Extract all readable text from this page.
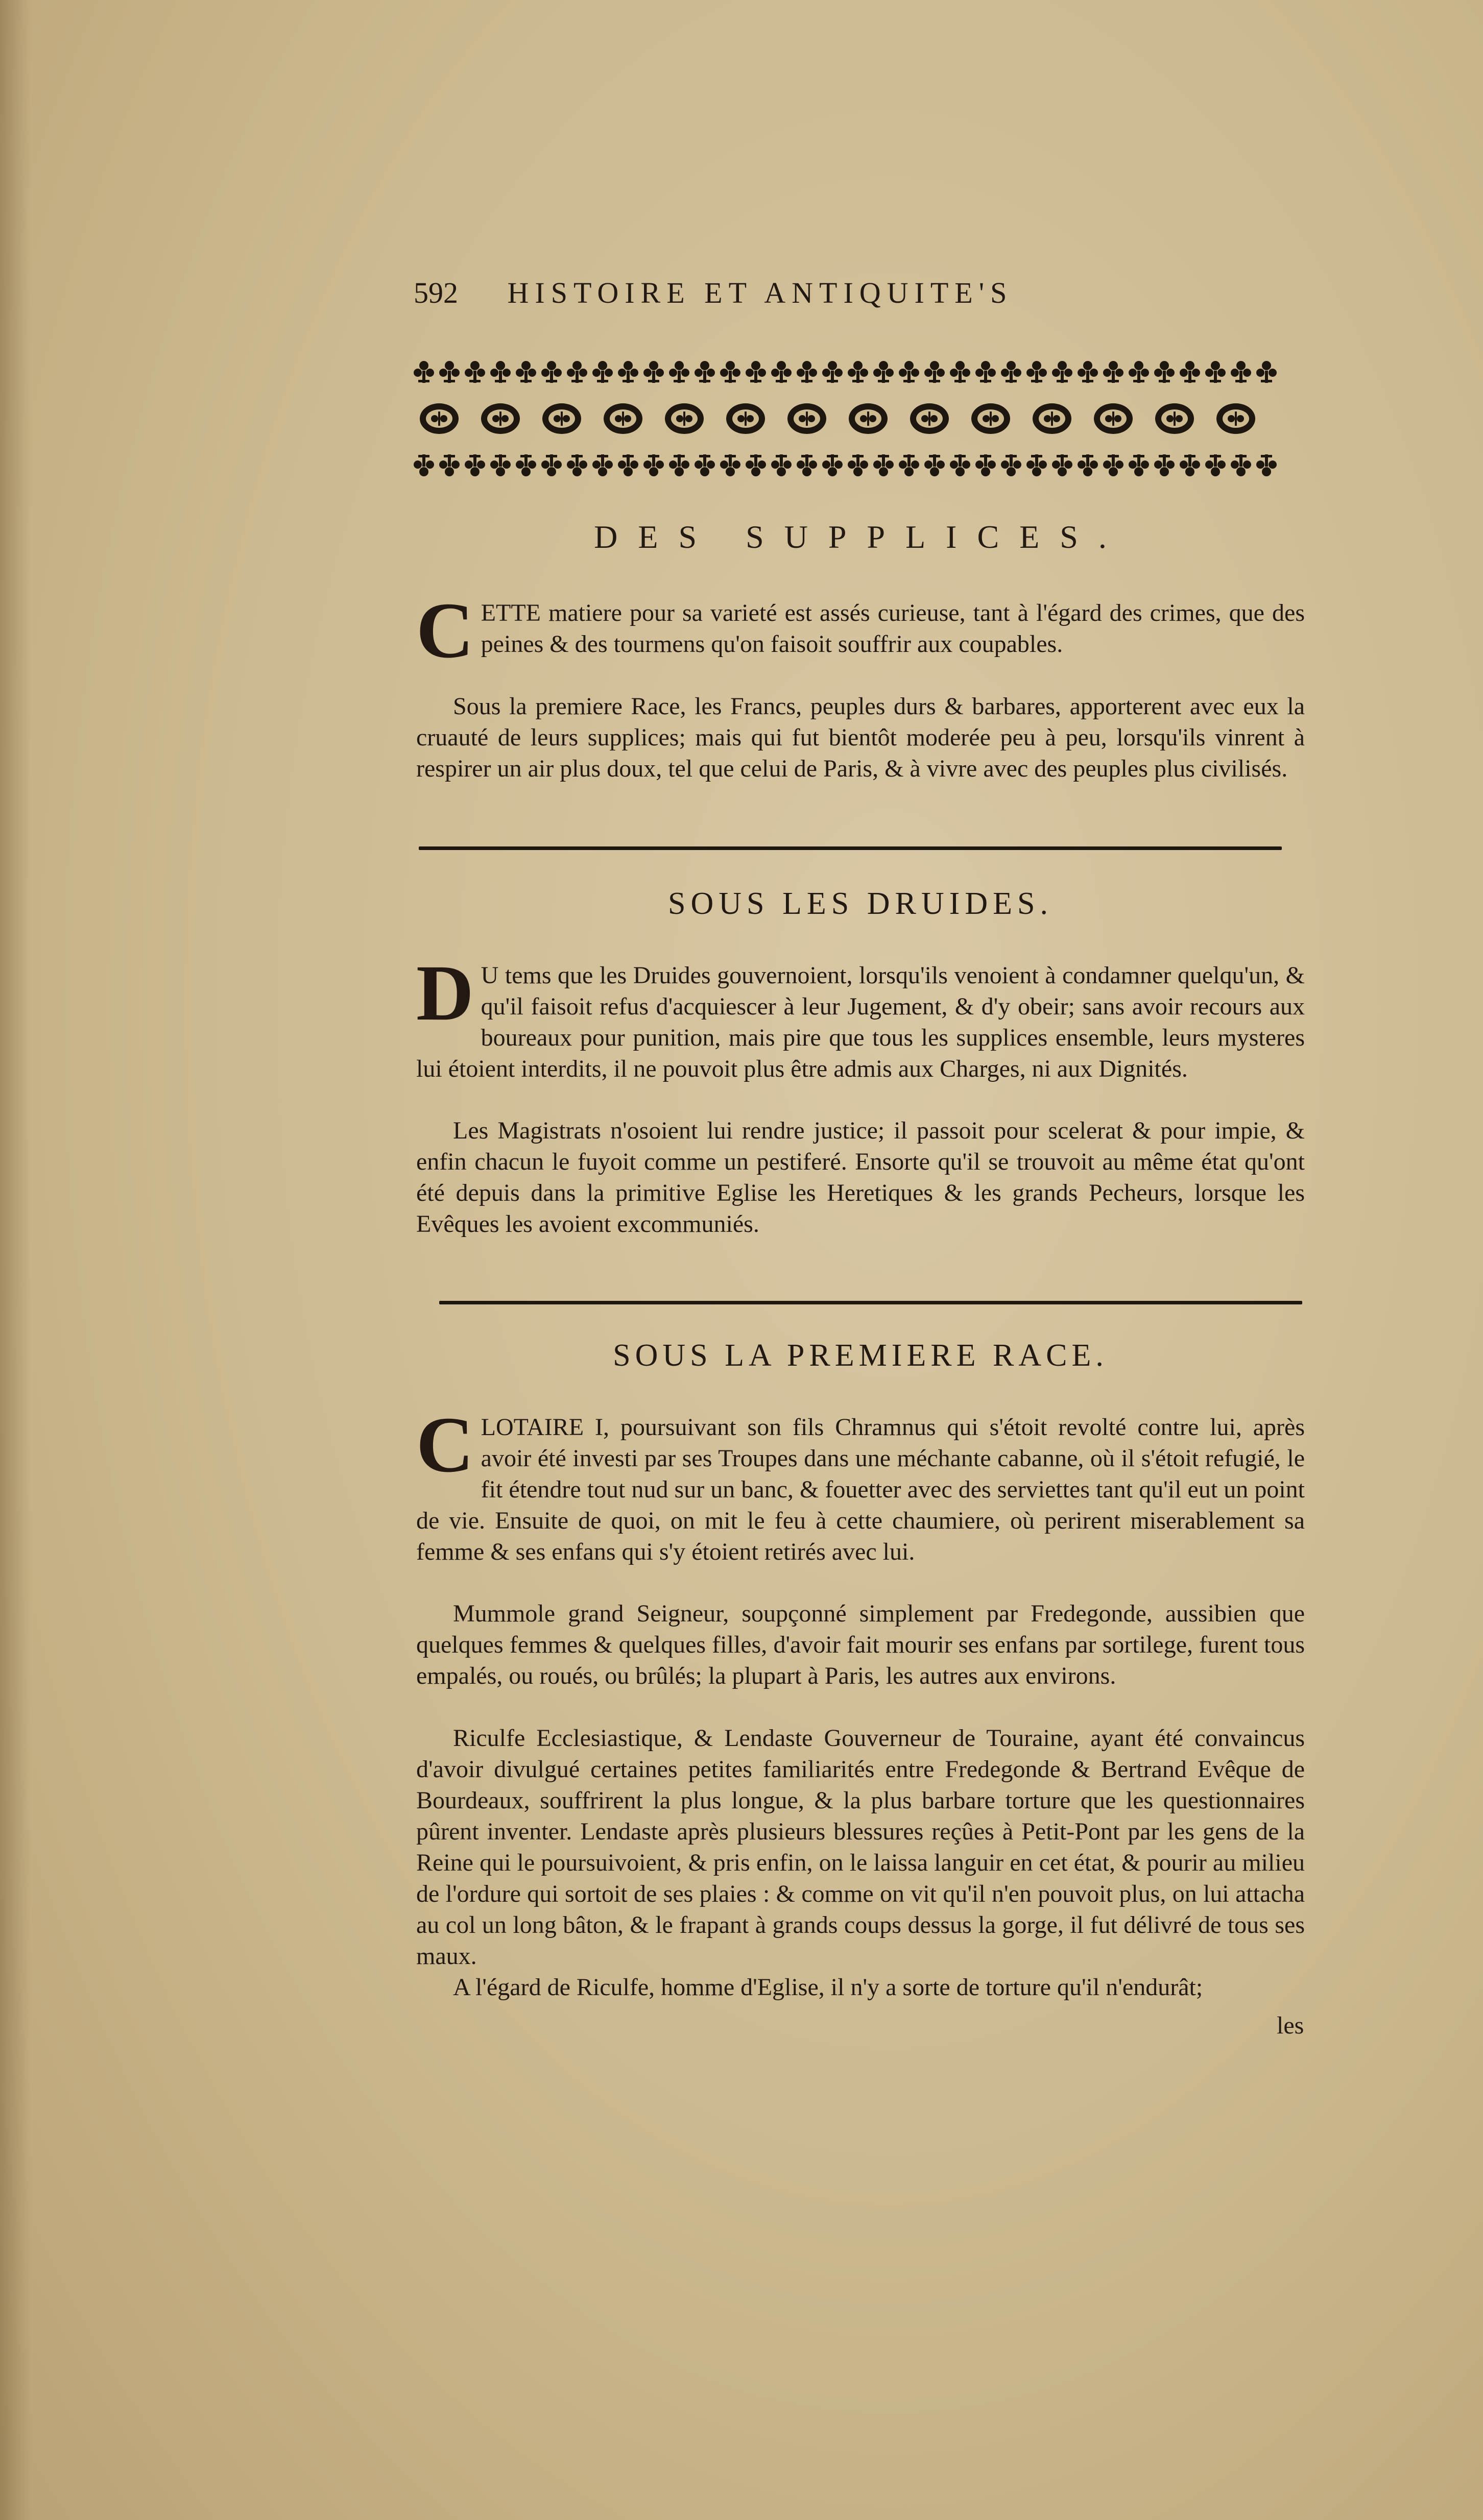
592 HISTOIRE ET ANTIQUITE'S
DES SUPPLICES.

CETTE matiere pour sa varieté est assés curieuse, tant à l'égard des crimes, que des peines & des tourmens qu'on faisoit souffrir aux coupables.

Sous la premiere Race, les Francs, peuples durs & barbares, apporterent avec eux la cruauté de leurs supplices; mais qui fut bientôt moderée peu à peu, lorsqu'ils vinrent à respirer un air plus doux, tel que celui de Paris, & à vivre avec des peuples plus civilisés.

SOUS LES DRUIDES.

D U tems que les Druides gouvernoient, lorsqu'ils venoient à condamner quelqu'un, & qu'il faisoit refus d'acquiescer à leur Jugement, & d'y obeir; sans avoir recours aux boureaux pour punition, mais pire que tous les supplices ensemble, leurs mysteres lui étoient interdits, il ne pouvoit plus être admis aux Charges, ni aux Dignités.

Les Magistrats n'osoient lui rendre justice; il passoit pour scelerat & pour impie, & enfin chacun le fuyoit comme un pestiferé. Ensorte qu'il se trouvoit au même état qu'ont été depuis dans la primitive Eglise les Heretiques & les grands Pecheurs, lorsque les Evêques les avoient excommuniés.

SOUS LA PREMIERE RACE.

CLOTAIRE I, poursuivant son fils Chramnus qui s'étoit revolté contre lui, après avoir été investi par ses Troupes dans une méchante cabanne, où il s'étoit refugié, le fit étendre tout nud sur un banc, & fouetter avec des serviettes tant qu'il eut un point de vie. Ensuite de quoi, on mit le feu à cette chaumiere, où perirent miserablement sa femme & ses enfans qui s'y étoient retirés avec lui.

Mummole grand Seigneur, soupçonné simplement par Fredegonde, aussibien que quelques femmes & quelques filles, d'avoir fait mourir ses enfans par sortilege, furent tous empalés, ou roués, ou brûlés; la plupart à Paris, les autres aux environs.

Riculfe Ecclesiastique, & Lendaste Gouverneur de Touraine, ayant été convaincus d'avoir divulgué certaines petites familiarités entre Fredegonde & Bertrand Evêque de Bourdeaux, souffrirent la plus longue, & la plus barbare torture que les questionnaires pûrent inventer. Lendaste après plusieurs blessures reçûes à Petit-Pont par les gens de la Reine qui le poursuivoient, & pris enfin, on le laissa languir en cet état, & pourir au milieu de l'ordure qui sortoit de ses plaies : & comme on vit qu'il n'en pouvoit plus, on lui attacha au col un long bâton, & le frapant à grands coups dessus la gorge, il fut délivré de tous ses maux.

A l'égard de Riculfe, homme d'Eglise, il n'y a sorte de torture qu'il n'endurât;

les
